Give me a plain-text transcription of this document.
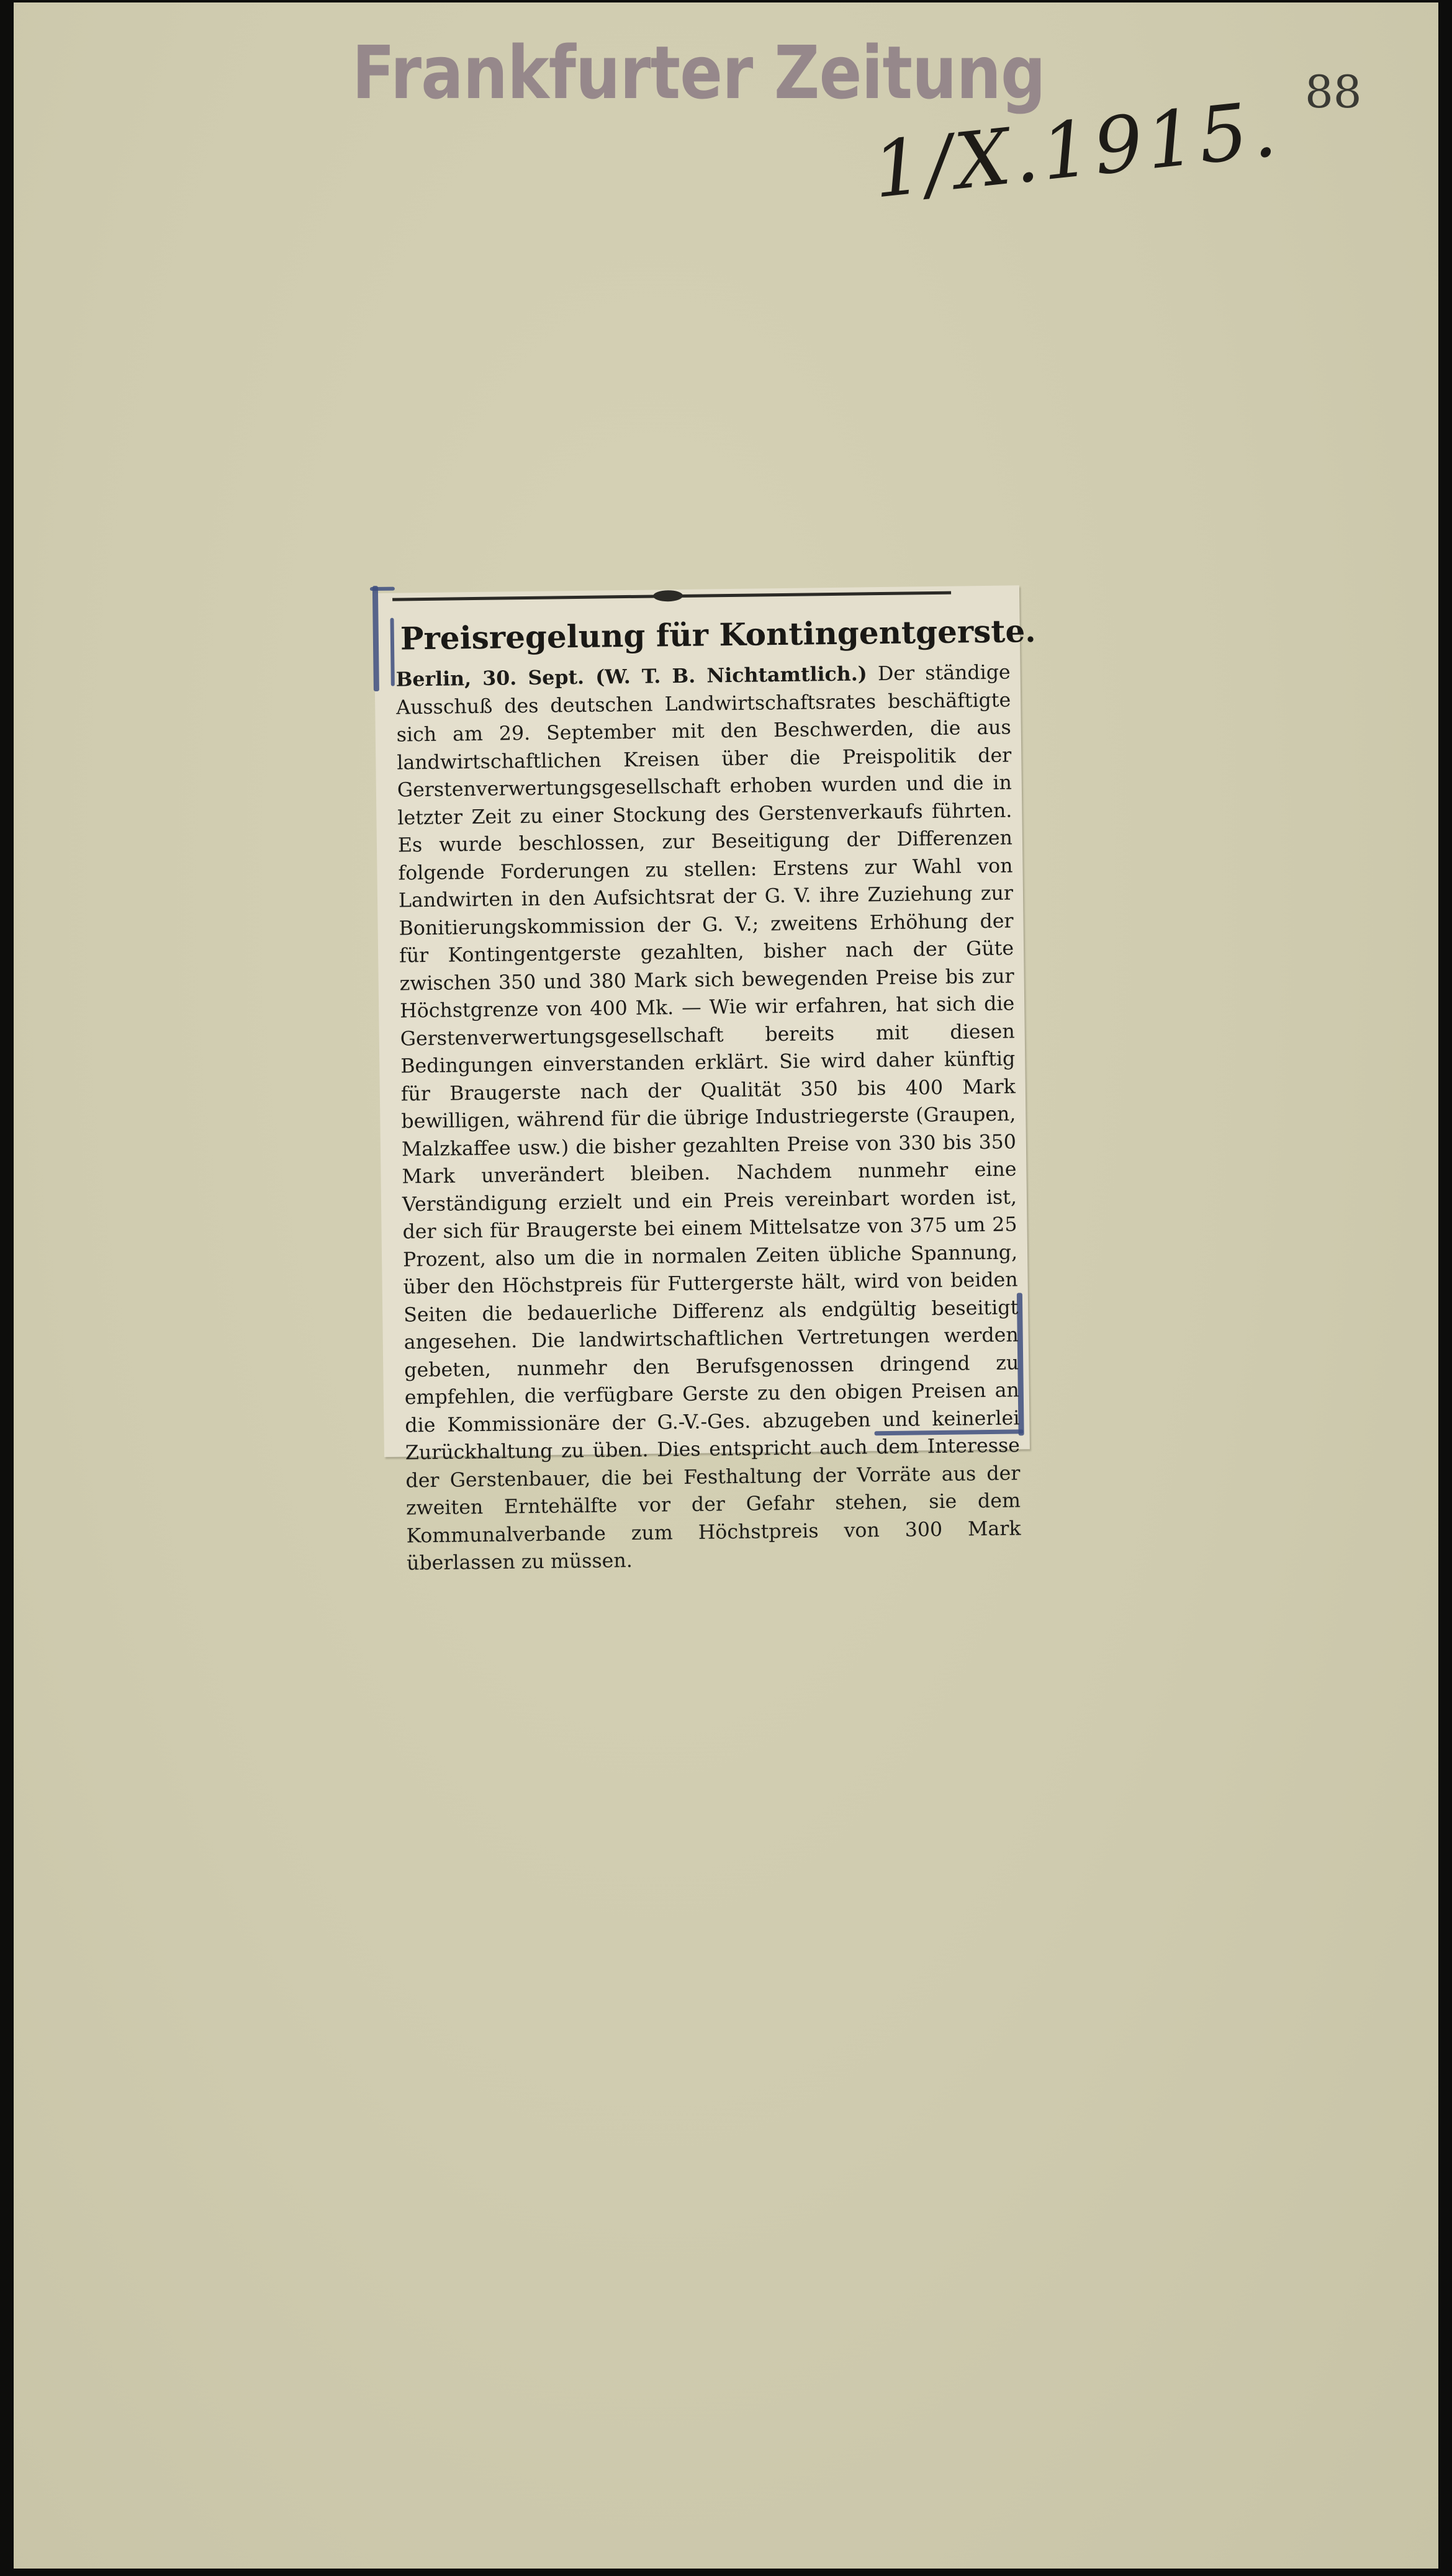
Frankfurter Zeitung	88
1/X.1915.
Preisregelung für Kontingentgerste.

Berlin, 30. Sept. (W. T. B. Nichtamtlich.) Der ständige Ausschuß des deutschen Landwirtschaftsrates beschäftigte sich am 29. September mit den Beschwerden, die aus landwirtschaftlichen Kreisen über die Preispolitik der Gerstenverwertungsgesellschaft erhoben wurden und die in letzter Zeit zu einer Stockung des Gerstenverkaufs führten. Es wurde beschlossen, zur Beseitigung der Differenzen folgende Forderungen zu stellen: Erstens zur Wahl von Landwirten in den Aufsichtsrat der G. V. ihre Zuziehung zur Bonitierungskommission der G. V.; zweitens Erhöhung der für Kontingentgerste gezahlten, bisher nach der Güte zwischen 350 und 380 Mark sich bewegenden Preise bis zur Höchstgrenze von 400 Mk. — Wie wir erfahren, hat sich die Gerstenverwertungsgesellschaft bereits mit diesen Bedingungen einverstanden erklärt. Sie wird daher künftig für Braugerste nach der Qualität 350 bis 400 Mark bewilligen, während für die übrige Industriegerste (Graupen, Malzkaffee usw.) die bisher gezahlten Preise von 330 bis 350 Mark unverändert bleiben. Nachdem nunmehr eine Verständigung erzielt und ein Preis vereinbart worden ist, der sich für Braugerste bei einem Mittelsatze von 375 um 25 Prozent, also um die in normalen Zeiten übliche Spannung, über den Höchstpreis für Futtergerste hält, wird von beiden Seiten die bedauerliche Differenz als endgültig beseitigt angesehen. Die landwirtschaftlichen Vertretungen werden gebeten, nunmehr den Berufsgenossen dringend zu empfehlen, die verfügbare Gerste zu den obigen Preisen an die Kommissionäre der G.-V.-Ges. abzugeben und keinerlei Zurückhaltung zu üben. Dies entspricht auch dem Interesse der Gerstenbauer, die bei Festhaltung der Vorräte aus der zweiten Erntehälfte vor der Gefahr stehen, sie dem Kommunalverbande zum Höchstpreis von 300 Mark überlassen zu müssen.
